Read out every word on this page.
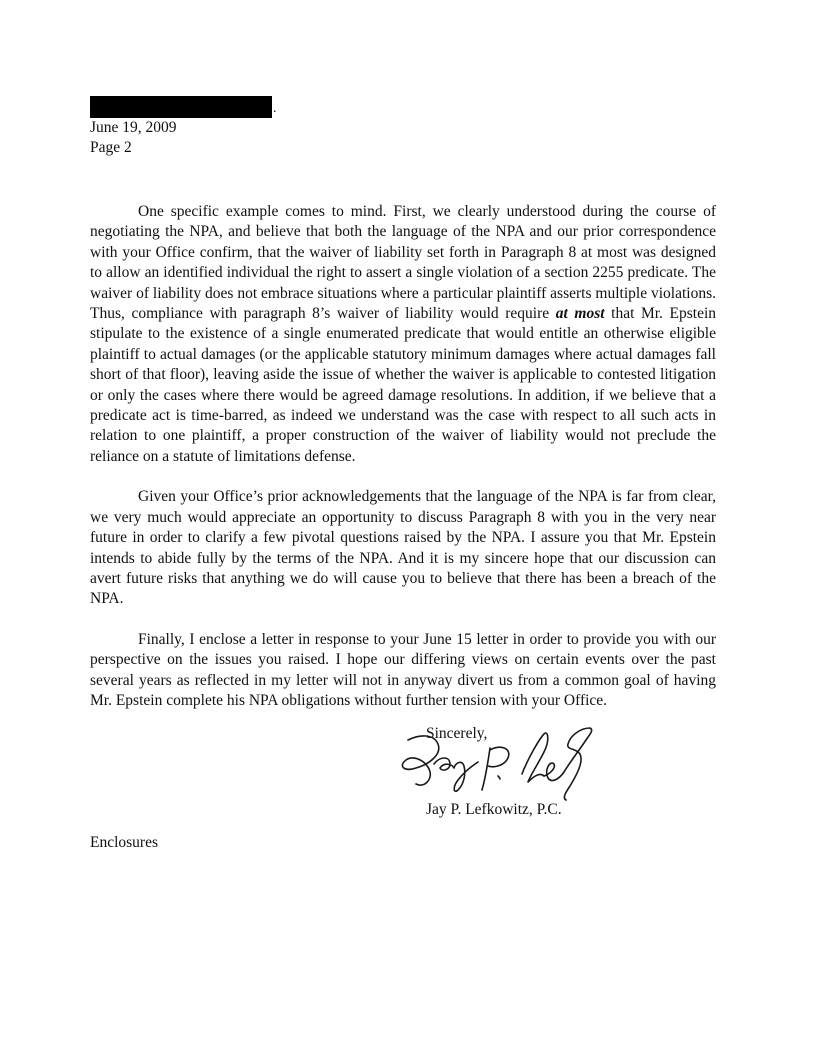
.
June 19, 2009
Page 2

One specific example comes to mind. First, we clearly understood during the course of negotiating the NPA, and believe that both the language of the NPA and our prior correspondence with your Office confirm, that the waiver of liability set forth in Paragraph 8 at most was designed to allow an identified individual the right to assert a single violation of a section 2255 predicate. The waiver of liability does not embrace situations where a particular plaintiff asserts multiple violations. Thus, compliance with paragraph 8’s waiver of liability would require at most that Mr. Epstein stipulate to the existence of a single enumerated predicate that would entitle an otherwise eligible plaintiff to actual damages (or the applicable statutory minimum damages where actual damages fall short of that floor), leaving aside the issue of whether the waiver is applicable to contested litigation or only the cases where there would be agreed damage resolutions. In addition, if we believe that a predicate act is time-barred, as indeed we understand was the case with respect to all such acts in relation to one plaintiff, a proper construction of the waiver of liability would not preclude the reliance on a statute of limitations defense.

Given your Office’s prior acknowledgements that the language of the NPA is far from clear, we very much would appreciate an opportunity to discuss Paragraph 8 with you in the very near future in order to clarify a few pivotal questions raised by the NPA. I assure you that Mr. Epstein intends to abide fully by the terms of the NPA. And it is my sincere hope that our discussion can avert future risks that anything we do will cause you to believe that there has been a breach of the NPA.

Finally, I enclose a letter in response to your June 15 letter in order to provide you with our perspective on the issues you raised. I hope our differing views on certain events over the past several years as reflected in my letter will not in anyway divert us from a common goal of having Mr. Epstein complete his NPA obligations without further tension with your Office.

Sincerely,
Jay P. Lefkowitz, P.C.
Enclosures
